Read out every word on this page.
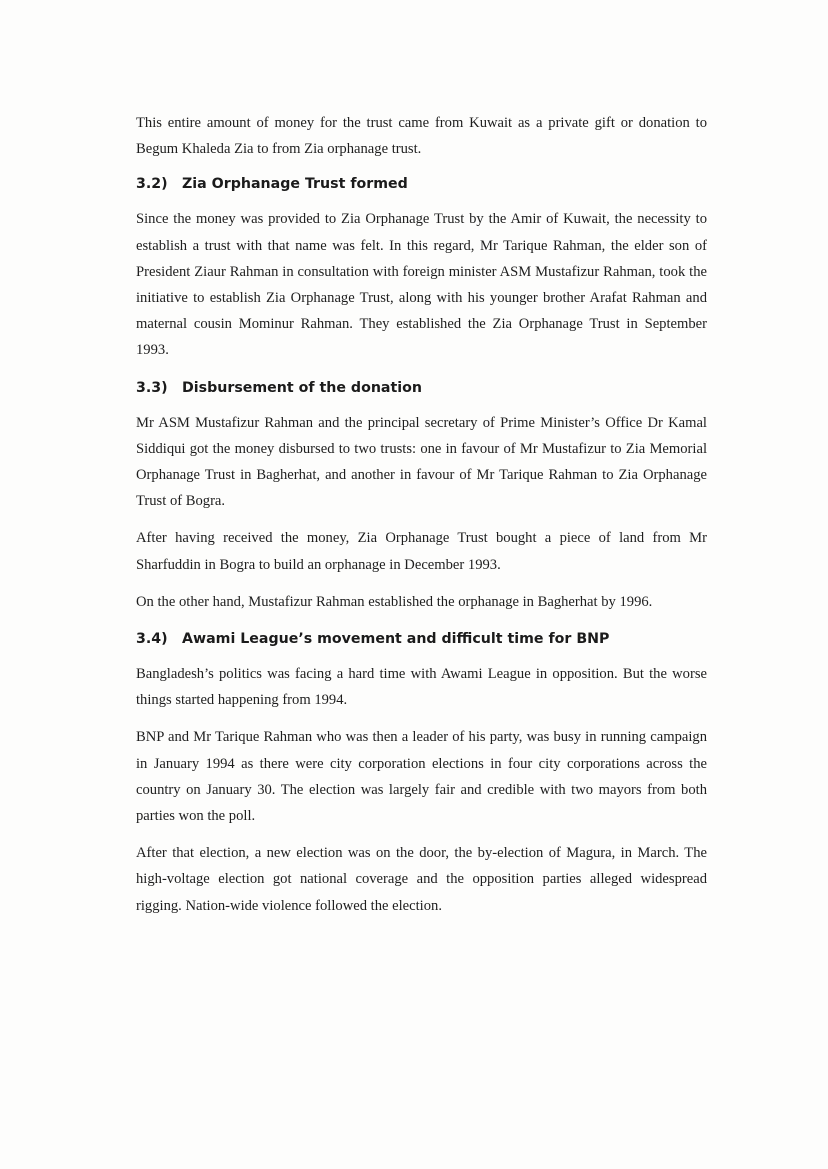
This entire amount of money for the trust came from Kuwait as a private gift or donation to Begum Khaleda Zia to from Zia orphanage trust.

3.2)	Zia Orphanage Trust formed

Since the money was provided to Zia Orphanage Trust by the Amir of Kuwait, the necessity to establish a trust with that name was felt. In this regard, Mr Tarique Rahman, the elder son of President Ziaur Rahman in consultation with foreign minister ASM Mustafizur Rahman, took the initiative to establish Zia Orphanage Trust, along with his younger brother Arafat Rahman and maternal cousin Mominur Rahman. They established the Zia Orphanage Trust in September 1993.

3.3)	Disbursement of the donation

Mr ASM Mustafizur Rahman and the principal secretary of Prime Minister’s Office Dr Kamal Siddiqui got the money disbursed to two trusts: one in favour of Mr Mustafizur to Zia Memorial Orphanage Trust in Bagherhat, and another in favour of Mr Tarique Rahman to Zia Orphanage Trust of Bogra.

After having received the money, Zia Orphanage Trust bought a piece of land from Mr Sharfuddin in Bogra to build an orphanage in December 1993.

On the other hand, Mustafizur Rahman established the orphanage in Bagherhat by 1996.

3.4)	Awami League’s movement and difficult time for BNP

Bangladesh’s politics was facing a hard time with Awami League in opposition. But the worse things started happening from 1994.

BNP and Mr Tarique Rahman who was then a leader of his party, was busy in running campaign in January 1994 as there were city corporation elections in four city corporations across the country on January 30. The election was largely fair and credible with two mayors from both parties won the poll.

After that election, a new election was on the door, the by-election of Magura, in March. The high-voltage election got national coverage and the opposition parties alleged widespread rigging. Nation-wide violence followed the election.
